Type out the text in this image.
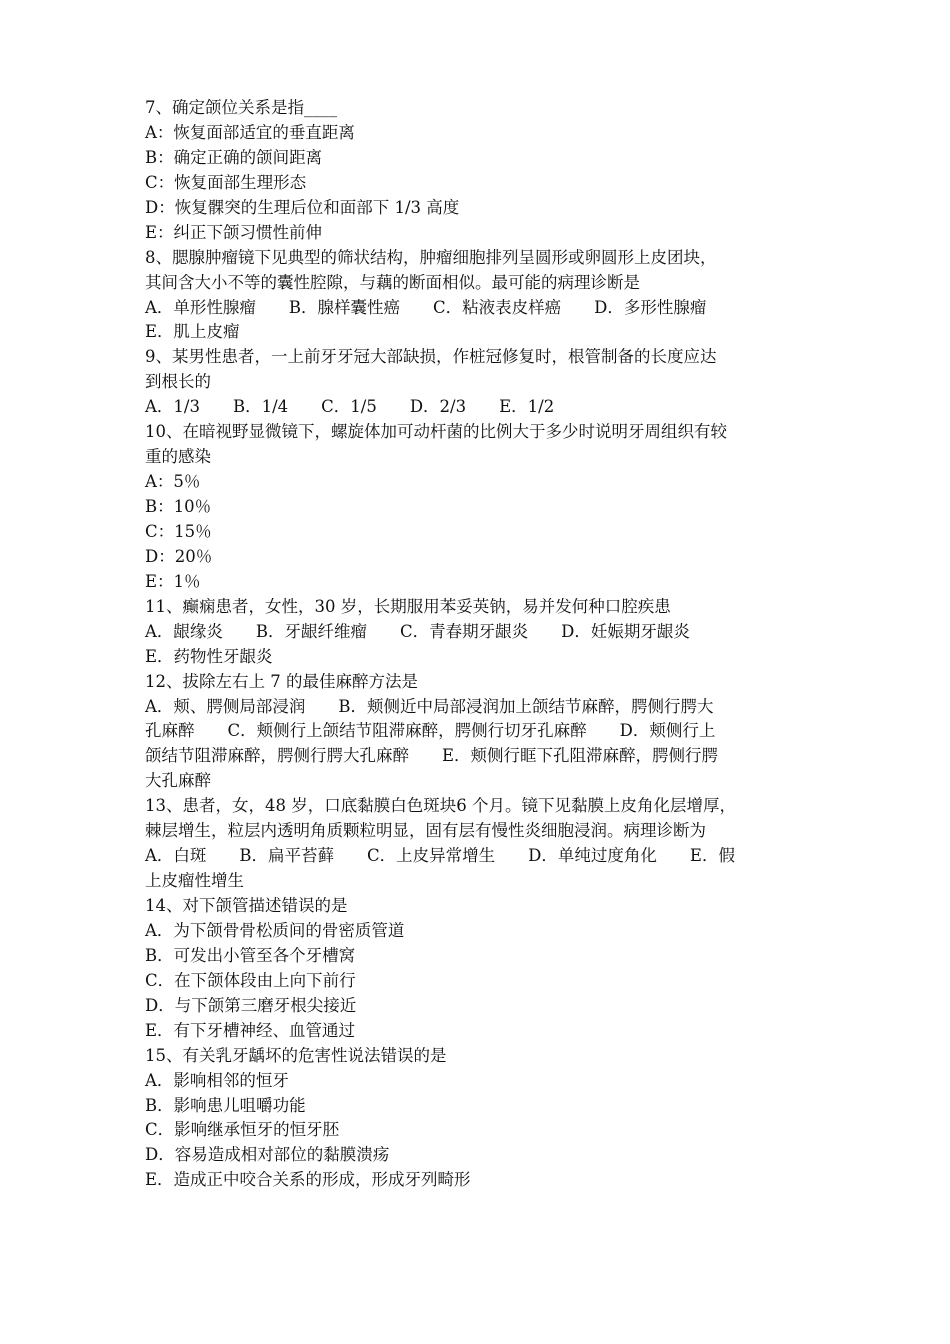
7、确定颌位关系是指____
A：恢复面部适宜的垂直距离
B：确定正确的颌间距离
C：恢复面部生理形态
D：恢复髁突的生理后位和面部下 1/3 高度
E：纠正下颌习惯性前伸
8、腮腺肿瘤镜下见典型的筛状结构，肿瘤细胞排列呈圆形或卵圆形上皮团块，
其间含大小不等的囊性腔隙，与藕的断面相似。最可能的病理诊断是
A．单形性腺瘤　　B．腺样囊性癌　　C．粘液表皮样癌　　D．多形性腺瘤
E．肌上皮瘤
9、某男性患者，一上前牙牙冠大部缺损，作桩冠修复时，根管制备的长度应达
到根长的
A．1/3　　B．1/4　　C．1/5　　D．2/3　　E．1/2
10、在暗视野显微镜下，螺旋体加可动杆菌的比例大于多少时说明牙周组织有较
重的感染
A：5％
B：10％
C：15％
D：20％
E：1％
11、癫痫患者，女性，30 岁，长期服用苯妥英钠，易并发何种口腔疾患
A．龈缘炎　　B．牙龈纤维瘤　　C．青春期牙龈炎　　D．妊娠期牙龈炎
E．药物性牙龈炎
12、拔除左右上 7 的最佳麻醉方法是
A．颊、腭侧局部浸润　　B．颊侧近中局部浸润加上颌结节麻醉，腭侧行腭大
孔麻醉　　C．颊侧行上颌结节阻滞麻醉，腭侧行切牙孔麻醉　　D．颊侧行上
颌结节阻滞麻醉，腭侧行腭大孔麻醉　　E．颊侧行眶下孔阻滞麻醉，腭侧行腭
大孔麻醉
13、患者，女，48 岁，口底黏膜白色斑块6 个月。镜下见黏膜上皮角化层增厚，
棘层增生，粒层内透明角质颗粒明显，固有层有慢性炎细胞浸润。病理诊断为
A．白斑　　B．扁平苔藓　　C．上皮异常增生　　D．单纯过度角化　　E．假
上皮瘤性增生
14、对下颌管描述错误的是
A．为下颌骨骨松质间的骨密质管道
B．可发出小管至各个牙槽窝
C．在下颌体段由上向下前行
D．与下颌第三磨牙根尖接近
E．有下牙槽神经、血管通过
15、有关乳牙龋坏的危害性说法错误的是
A．影响相邻的恒牙
B．影响患儿咀嚼功能
C．影响继承恒牙的恒牙胚
D．容易造成相对部位的黏膜溃疡
E．造成正中咬合关系的形成，形成牙列畸形
